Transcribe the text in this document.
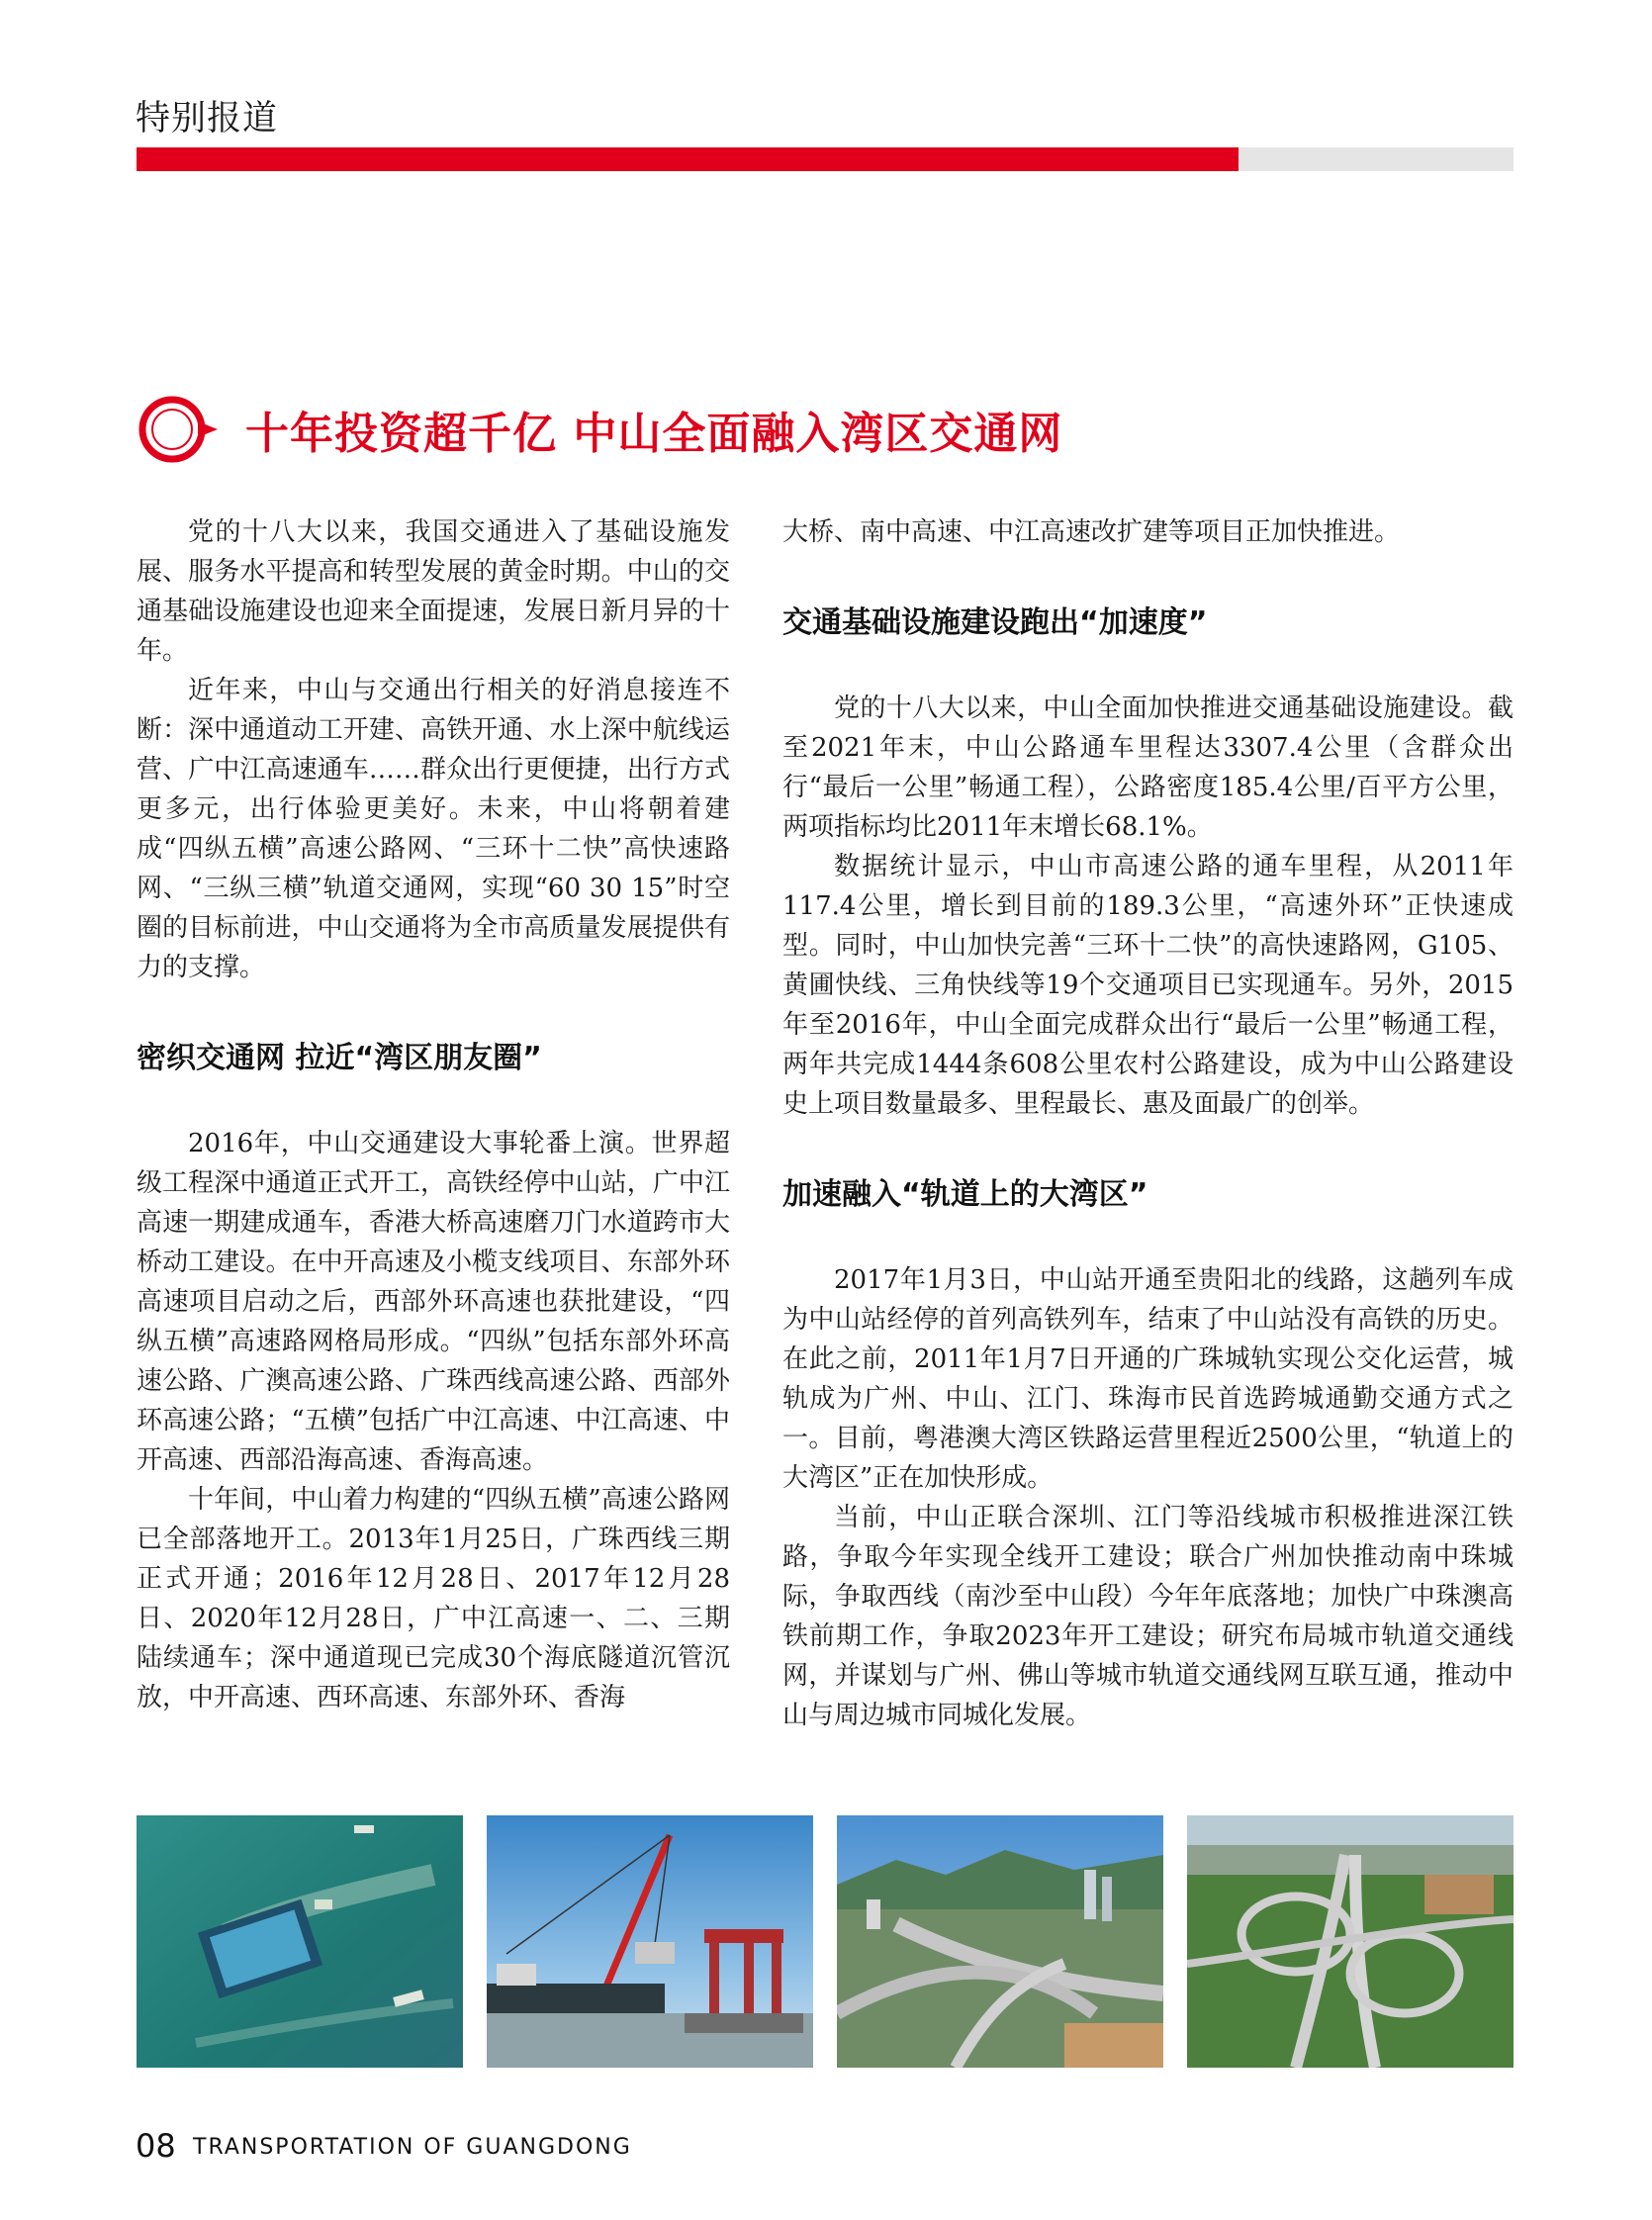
特别报道
十年投资超千亿 中山全面融入湾区交通网

党的十八大以来，我国交通进入了基础设施发展、服务水平提高和转型发展的黄金时期。中山的交通基础设施建设也迎来全面提速，发展日新月异的十年。

近年来，中山与交通出行相关的好消息接连不断：深中通道动工开建、高铁开通、水上深中航线运营、广中江高速通车……群众出行更便捷，出行方式更多元，出行体验更美好。未来，中山将朝着建成“四纵五横”高速公路网、“三环十二快”高快速路网、“三纵三横”轨道交通网，实现“60 30 15”时空圈的目标前进，中山交通将为全市高质量发展提供有力的支撑。

密织交通网 拉近“湾区朋友圈”

2016年，中山交通建设大事轮番上演。世界超级工程深中通道正式开工，高铁经停中山站，广中江高速一期建成通车，香港大桥高速磨刀门水道跨市大桥动工建设。在中开高速及小榄支线项目、东部外环高速项目启动之后，西部外环高速也获批建设，“四纵五横”高速路网格局形成。“四纵”包括东部外环高速公路、广澳高速公路、广珠西线高速公路、西部外环高速公路；“五横”包括广中江高速、中江高速、中开高速、西部沿海高速、香海高速。

十年间，中山着力构建的“四纵五横”高速公路网已全部落地开工。2013年1月25日，广珠西线三期正式开通；2016年12月28日、2017年12月28日、2020年12月28日，广中江高速一、二、三期陆续通车；深中通道现已完成30个海底隧道沉管沉放，中开高速、西环高速、东部外环、香海

大桥、南中高速、中江高速改扩建等项目正加快推进。

交通基础设施建设跑出“加速度”

党的十八大以来，中山全面加快推进交通基础设施建设。截至2021年末，中山公路通车里程达3307.4公里（含群众出行“最后一公里”畅通工程），公路密度185.4公里/百平方公里，两项指标均比2011年末增长68.1%。

数据统计显示，中山市高速公路的通车里程，从2011年117.4公里，增长到目前的189.3公里，“高速外环”正快速成型。同时，中山加快完善“三环十二快”的高快速路网，G105、黄圃快线、三角快线等19个交通项目已实现通车。另外，2015年至2016年，中山全面完成群众出行“最后一公里”畅通工程，两年共完成1444条608公里农村公路建设，成为中山公路建设史上项目数量最多、里程最长、惠及面最广的创举。

加速融入“轨道上的大湾区”

2017年1月3日，中山站开通至贵阳北的线路，这趟列车成为中山站经停的首列高铁列车，结束了中山站没有高铁的历史。在此之前，2011年1月7日开通的广珠城轨实现公交化运营，城轨成为广州、中山、江门、珠海市民首选跨城通勤交通方式之一。目前，粤港澳大湾区铁路运营里程近2500公里，“轨道上的大湾区”正在加快形成。

当前，中山正联合深圳、江门等沿线城市积极推进深江铁路，争取今年实现全线开工建设；联合广州加快推动南中珠城际，争取西线（南沙至中山段）今年年底落地；加快广中珠澳高铁前期工作，争取2023年开工建设；研究布局城市轨道交通线网，并谋划与广州、佛山等城市轨道交通线网互联互通，推动中山与周边城市同城化发展。

08 TRANSPORTATION OF GUANGDONG
